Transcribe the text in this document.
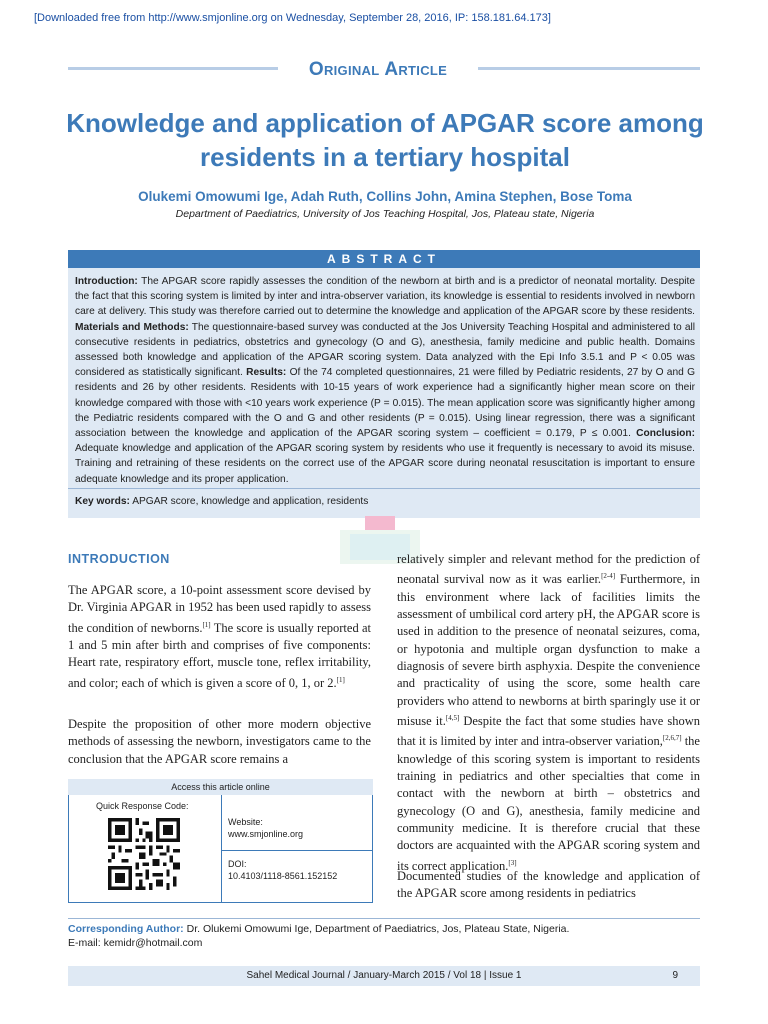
[Downloaded free from http://www.smjonline.org on Wednesday, September 28, 2016, IP: 158.181.64.173]
Original Article
Knowledge and application of APGAR score among residents in a tertiary hospital
Olukemi Omowumi Ige, Adah Ruth, Collins John, Amina Stephen, Bose Toma
Department of Paediatrics, University of Jos Teaching Hospital, Jos, Plateau state, Nigeria
ABSTRACT
Introduction: The APGAR score rapidly assesses the condition of the newborn at birth and is a predictor of neonatal mortality. Despite the fact that this scoring system is limited by inter and intra-observer variation, its knowledge is essential to residents involved in newborn care at delivery. This study was therefore carried out to determine the knowledge and application of the APGAR score by these residents. Materials and Methods: The questionnaire-based survey was conducted at the Jos University Teaching Hospital and administered to all consecutive residents in pediatrics, obstetrics and gynecology (O and G), anesthesia, family medicine and public health. Domains assessed both knowledge and application of the APGAR scoring system. Data analyzed with the Epi Info 3.5.1 and P < 0.05 was considered as statistically significant. Results: Of the 74 completed questionnaires, 21 were filled by Pediatric residents, 27 by O and G residents and 26 by other residents. Residents with 10-15 years of work experience had a significantly higher mean score on their knowledge compared with those with <10 years work experience (P = 0.015). The mean application score was significantly higher among the Pediatric residents compared with the O and G and other residents (P = 0.015). Using linear regression, there was a significant association between the knowledge and application of the APGAR scoring system – coefficient = 0.179, P ≤ 0.001. Conclusion: Adequate knowledge and application of the APGAR scoring system by residents who use it frequently is necessary to avoid its misuse. Training and retraining of these residents on the correct use of the APGAR score during neonatal resuscitation is important to ensure adequate knowledge and its proper application.
Key words: APGAR score, knowledge and application, residents
INTRODUCTION
The APGAR score, a 10-point assessment score devised by Dr. Virginia APGAR in 1952 has been used rapidly to assess the condition of newborns.[1] The score is usually reported at 1 and 5 min after birth and comprises of five components: Heart rate, respiratory effort, muscle tone, reflex irritability, and color; each of which is given a score of 0, 1, or 2.[1]
Despite the proposition of other more modern objective methods of assessing the newborn, investigators came to the conclusion that the APGAR score remains a
relatively simpler and relevant method for the prediction of neonatal survival now as it was earlier.[2-4] Furthermore, in this environment where lack of facilities limits the assessment of umbilical cord artery pH, the APGAR score is used in addition to the presence of neonatal seizures, coma, or hypotonia and multiple organ dysfunction to make a diagnosis of severe birth asphyxia. Despite the convenience and practicality of using the score, some health care providers who attend to newborns at birth sparingly use it or misuse it.[4,5] Despite the fact that some studies have shown that it is limited by inter and intra-observer variation,[2,6,7] the knowledge of this scoring system is important to residents training in pediatrics and other specialties that come in contact with the newborn at birth – obstetrics and gynecology (O and G), anesthesia, family medicine and community medicine. It is therefore crucial that these doctors are acquainted with the APGAR scoring system and its correct application.[3]
Documented studies of the knowledge and application of the APGAR score among residents in pediatrics
Access this article online
Quick Response Code:
Website:
www.smjonline.org
DOI:
10.4103/1118-8561.152152
Corresponding Author: Dr. Olukemi Omowumi Ige, Department of Paediatrics, Jos, Plateau State, Nigeria.
E-mail: kemidr@hotmail.com
Sahel Medical Journal / January-March 2015 / Vol 18 | Issue 1	9
